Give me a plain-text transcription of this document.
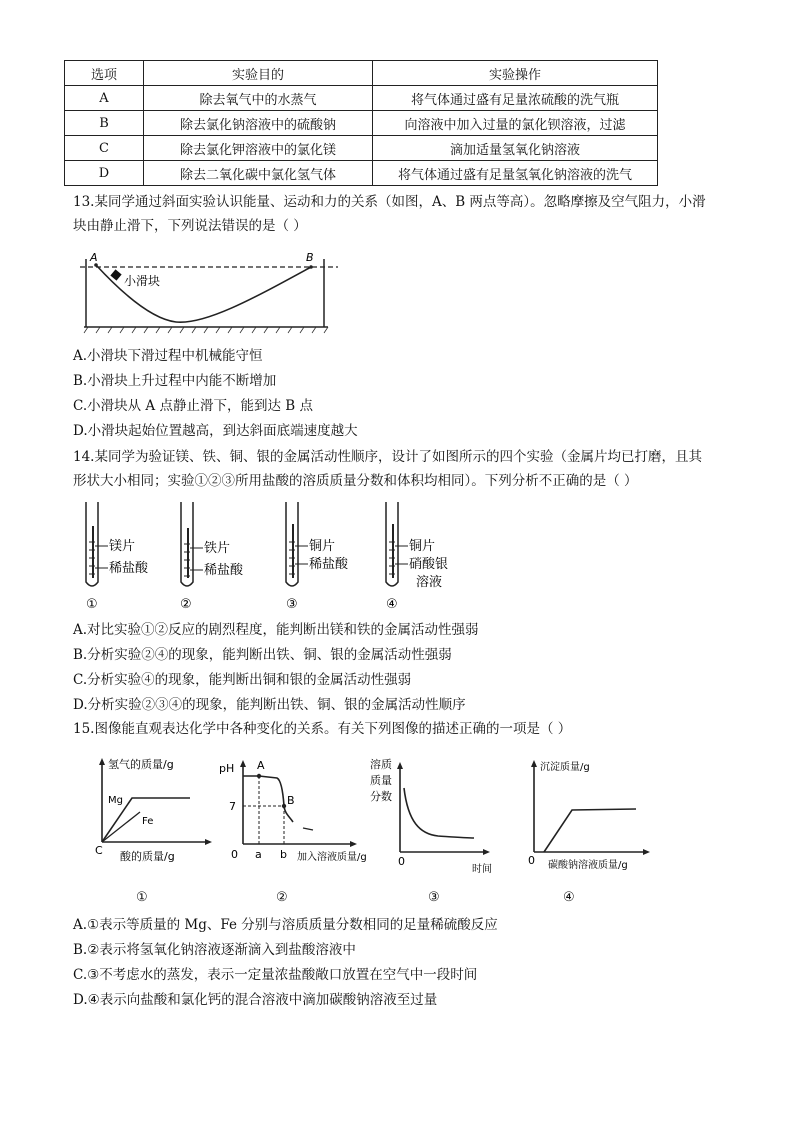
选项	实验目的	实验操作
A	除去氧气中的水蒸气	将气体通过盛有足量浓硫酸的洗气瓶
B	除去氯化钠溶液中的硫酸钠	向溶液中加入过量的氯化钡溶液，过滤
C	除去氯化钾溶液中的氯化镁	滴加适量氢氧化钠溶液
D	除去二氧化碳中氯化氢气体	将气体通过盛有足量氢氧化钠溶液的洗气
13.某同学通过斜面实验认识能量、运动和力的关系（如图，A、B 两点等高）。忽略摩擦及空气阻力，小滑
块由静止滑下，下列说法错误的是（ ）
A	B
小滑块
A.小滑块下滑过程中机械能守恒
B.小滑块上升过程中内能不断增加
C.小滑块从 A 点静止滑下，能到达 B 点
D.小滑块起始位置越高，到达斜面底端速度越大
14.某同学为验证镁、铁、铜、银的金属活动性顺序，设计了如图所示的四个实验（金属片均已打磨，且其
形状大小相同；实验①②③所用盐酸的溶质质量分数和体积均相同）。下列分析不正确的是（ ）
镁片
稀盐酸
①
铁片
稀盐酸
②
铜片
稀盐酸
③
铜片
硝酸银
溶液
④
A.对比实验①②反应的剧烈程度，能判断出镁和铁的金属活动性强弱
B.分析实验②④的现象，能判断出铁、铜、银的金属活动性强弱
C.分析实验④的现象，能判断出铜和银的金属活动性强弱
D.分析实验②③④的现象，能判断出铁、铜、银的金属活动性顺序
15.图像能直观表达化学中各种变化的关系。有关下列图像的描述正确的一项是（ ）
氢气的质量/g
Mg
Fe
C 酸的质量/g
pH A
B
7
0 a b 加入溶液质量/g
溶质
质量
分数
0
时间
沉淀质量/g
0 碳酸钠溶液质量/g
①	②	③	④
A.①表示等质量的 Mg、Fe 分别与溶质质量分数相同的足量稀硫酸反应
B.②表示将氢氧化钠溶液逐渐滴入到盐酸溶液中
C.③不考虑水的蒸发，表示一定量浓盐酸敞口放置在空气中一段时间
D.④表示向盐酸和氯化钙的混合溶液中滴加碳酸钠溶液至过量
